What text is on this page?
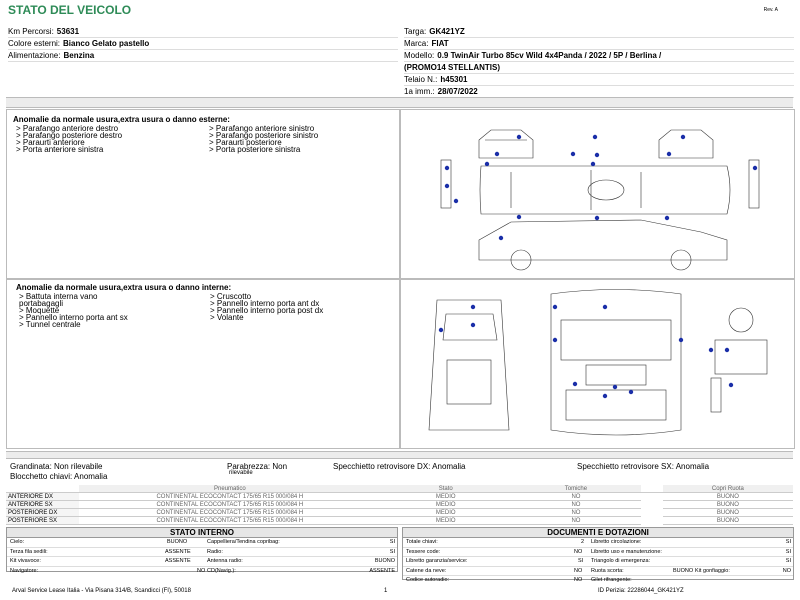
STATO DEL VEICOLO	Rev. A
Km Percorsi: 53631
Colore esterni: Bianco Gelato pastello
Alimentazione: Benzina
Targa: GK421YZ
Marca: FIAT
Modello: 0.9 TwinAir Turbo 85cv Wild 4x4Panda / 2022 / 5P / Berlina /
(PROMO14 STELLANTIS)
Telaio N.: h45301
1a imm.: 28/07/2022
Anomalie da normale usura,extra usura o danno esterne:
> Parafango anteriore destro
> Parafango posteriore destro
> Paraurti anteriore
> Porta anteriore sinistra
> Parafango anteriore sinistro
> Parafango posteriore sinistro
> Paraurti posteriore
> Porta posteriore sinistra
Anomalie da normale usura,extra usura o danno interne:
> Battuta interna vano
portabagagli
> Moquette
> Pannello interno porta ant sx
> Tunnel centrale
> Cruscotto
> Pannello interno porta ant dx
> Pannello interno porta post dx
> Volante
Grandinata: Non rilevabile	Parabrezza: Non
rilevabile
Specchietto retrovisore DX: Anomalia	Specchietto retrovisore SX: Anomalia
Blocchetto chiavi: Anomalia
	Pneumatico	Stato	Tomiche		Copri Ruota
ANTERIORE DX	CONTINENTAL ECOCONTACT 175/65 R15 000/084 H	MEDIO	NO		BUONO
ANTERIORE SX	CONTINENTAL ECOCONTACT 175/65 R15 000/084 H	MEDIO	NO		BUONO
POSTERIORE DX	CONTINENTAL ECOCONTACT 175/65 R15 000/084 H	MEDIO	NO		BUONO
POSTERIORE SX	CONTINENTAL ECOCONTACT 175/65 R15 000/084 H	MEDIO	NO		BUONO
STATO INTERNO
Cielo:	BUONO	Cappelliera/Tendina copribag:	SI
Terza fila sedili:	ASSENTE	Radio:	SI
Kit vivavoce:	ASSENTE	Antenna radio:	BUONO
Navigatore:	NO CD(Navig.):	ASSENTE
DOCUMENTI E DOTAZIONI
Totale chiavi:	2 Libretto circolazione:	SI
Tessere code:	NO Libretto uso e manutenzione:	SI
Libretto garanzia/service:	SI Triangolo di emergenza:	SI
Catene da neve:	NO Ruota scorta:	BUONO Kit gonfiaggio:	NO
Codice autoradio:	NO Gilet rifrangente:
Arval Service Lease Italia - Via Pisana 314/B, Scandicci (FI), 50018	1	ID Perizia: 22286044_GK421YZ
